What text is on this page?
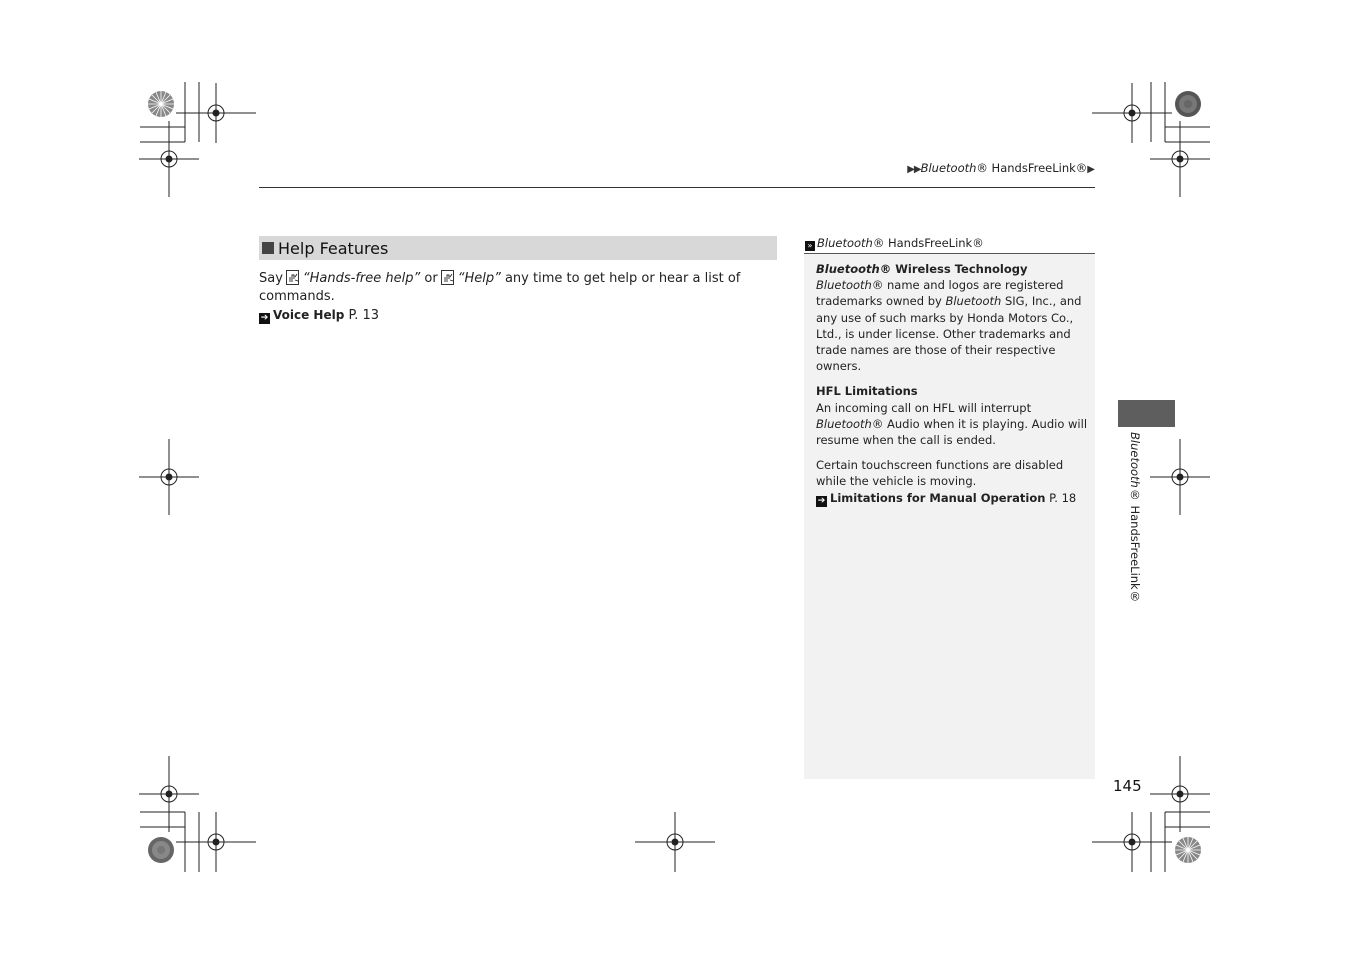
▶▶Bluetooth® HandsFreeLink®▶
Help Features
Say “Hands-free help” or “Help” any time to get help or hear a list of commands.
➔ Voice Help P. 13
» Bluetooth® HandsFreeLink®
Bluetooth® Wireless Technology
Bluetooth® name and logos are registered trademarks owned by Bluetooth SIG, Inc., and any use of such marks by Honda Motors Co., Ltd., is under license. Other trademarks and trade names are those of their respective owners.
HFL Limitations
An incoming call on HFL will interrupt Bluetooth® Audio when it is playing. Audio will resume when the call is ended.
Certain touchscreen functions are disabled while the vehicle is moving.
➔ Limitations for Manual Operation P. 18
Bluetooth® HandsFreeLink®
145
